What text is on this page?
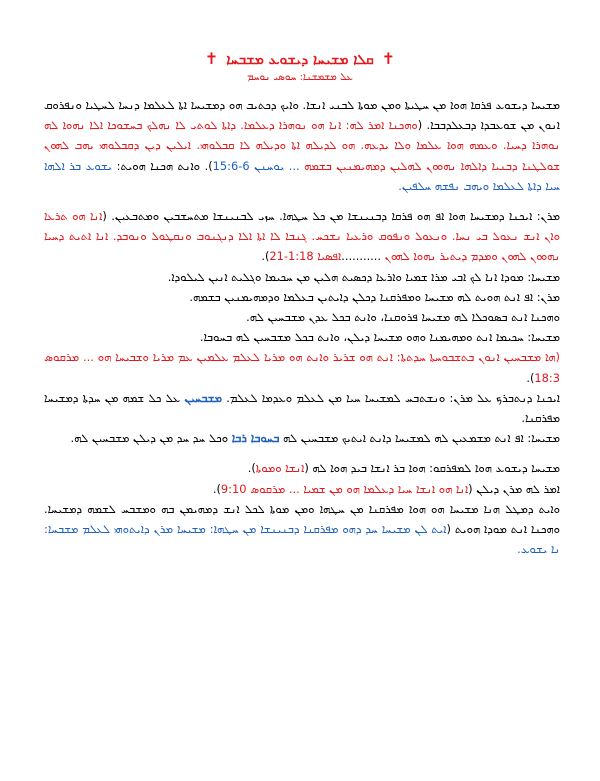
✝ ܩܠܐ ܡܫܝܚܐ ܕܝܫܘܥ ܡܫܒܚܐ ✝
ܥܠ ܡܫܡܫܢܐ: ܚܘܣܝ ܢܘܚܡ

ܡܫܝܚܐ ܕܝܫܘܥ ܦܪܩܐ ܗܘܐ ܡܢ ܚܛܝܬܐ ܘܡܢ ܡܘܬܐ ܠܒܢܝ ܐܢܫܐ. ܘܐܝܟ ܕܟܬܝܒ ܗܘ ܕܡܫܝܚܐ ܐܬܐ ܠܥܠܡܐ ܕܢܚܐ ܠܚܛܝܐ ܘܢܦܪܘܩ ܐܢܘܢ ܡܢ ܫܘܥܒܕܐ ܕܒܥܠܕܒܒܐ. (ܘܗܟܢܐ ܐܡܪ ܠܗ: ܐܢܐ ܗܘ ܢܘܗܪܐ ܕܥܠܡܐ. ܕܐܬܐ ܠܘܬܝ ܠܐ ܢܗܠܟ ܒܚܫܘܟܐ ܐܠܐ ܢܗܘܐ ܠܗ ܢܘܗܪܐ ܕܚܝܐ. ܘܥܡܗ ܗܘܐ ܥܠܡܐ ܘܠܐ ܝܕܥܗ. ܗܘ ܠܕܝܠܗ ܐܬܐ ܘܕܝܠܗ ܠܐ ܩܒܠܘܗܝ. ܐܝܠܝܢ ܕܝܢ ܕܩܒܠܘܗܝ ܝܗܒ ܠܗܘܢ ܫܘܠܛܢܐ ܕܒܢܝܐ ܕܐܠܗܐ ܢܗܘܘܢ ܠܗܠܝܢ ܕܡܗܝܡܢܝܢ ܒܫܡܗ ... ܝܘܚܢܢ 6-15:6). ܘܐܢܬ ܗܟܢܐ ܗܘܝܬ: ܝܫܘܥ ܒܪ ܐܠܗܐ ܚܝܐ ܕܐܬܐ ܠܥܠܡܐ ܘܝܗܒ ܢܦܫܗ ܚܠܦܝܢ.

ܡܪܢ: ܐܝܟܢܐ ܕܡܫܝܚܐ ܗܘܐ ܐܦ ܗܘ ܦܪܩܐ ܕܒܢܝܢܫܐ ܡܢ ܟܠ ܚܛܗܐ. ܚܙܝ ܠܒܢܝܢܫܐ ܡܬܚܫܒܝܢ ܘܡܬܒܥܝܢ. (ܐܢܐ ܗܘ ܬܪܥܐ ܘܐܢ ܐܢܫ ܢܥܘܠ ܒܝ ܢܚܐ. ܘܢܥܘܠ ܘܢܦܘܩ ܘܪܥܝܐ ܢܫܟܚ. ܓܢܒܐ ܠܐ ܐܬܐ ܐܠܐ ܕܢܓܢܘܒ ܘܢܩܛܘܠ ܘܢܘܒܕ. ܐܢܐ ܐܬܝܬ ܕܚܝܐ ܢܗܘܘܢ ܠܗܘܢ ܘܡܕܡ ܕܝܬܝܪ ܢܗܘܐ ܠܗܘܢ ...........ܐܦܣܝܐ 1:18-21).

ܡܫܝܚܐ: ܡܘܕܐ ܐܢܐ ܠܟ ܐܒܝ ܡܪܐ ܫܡܝܐ ܘܐܪܥܐ ܕܟܣܝܬ ܗܠܝܢ ܡܢ ܚܟܝܡܐ ܘܓܠܝܬ ܐܢܝܢ ܠܝܠܘܕܐ.

ܡܪܢ: ܐܦ ܐܢܬ ܗܘܝܬ ܠܗ ܡܫܝܚܐ ܘܡܦܪܩܢܐ ܕܟܠܢ ܕܐܝܬܝܢ ܒܥܠܡܐ ܘܕܡܗܝܡܢܝܢ ܒܫܡܗ.

ܘܗܟܢܐ ܐܢܬ ܒܣܘܟܠܐ ܠܗ ܡܫܝܚܐ ܦܪܘܩܢܐ، ܘܐܢܬ ܒܟܠ ܥܕܢ ܡܫܒܚܝܢ ܠܗ.

ܡܫܝܚܐ: ܚܟܝܡܐ ܐܢܬ ܘܡܗܝܡܢܐ ܘܗܘ ܡܫܝܚܐ ܕܝܠܢ، ܘܐܢܬ ܒܟܠ ܡܫܒܚܝܢ ܠܗ ܒܚܘܒܐ.

(ܗܐ ܡܫܒܚܝܢ ܐܢܘܢ ܒܬܫܒܘܚܬܐ ܚܕܬܬܐ: ܐܢܬ ܗܘ ܫܪܝܪ ܘܐܢܬ ܗܘ ܡܪܝܐ ܠܥܠܡ ܥܠܡܝܢ ܥܡ ܡܪܝܐ ܘܫܒܝܚܐ ܗܘ ... ܡܪܩܘܣ 18:3).

ܐܝܟܢܐ ܕܢܬܒܪܟ ܥܠ ܡܪܢ: ܘܢܫܬܒܚ ܠܡܫܝܚܐ ܚܝܐ ܡܢ ܠܥܠܡ ܘܥܕܡܐ ܠܥܠܡ. ܡܫܒܚܝܢ ܥܠ ܟܠ ܫܡܗ ܡܢ ܚܕܬܐ ܕܡܫܝܚܐ ܡܦܪܩܢܐ.

ܡܫܝܚܐ: ܐܦ ܐܢܬ ܡܫܡܥܝܢ ܠܗ ܠܡܫܝܚܐ ܕܐܢܬ ܐܝܬܝܟ ܡܫܒܚܝܢ ܠܗ ܒܚܘܒܐ ܪܒܐ ܘܟܠ ܚܕ ܚܕ ܡܢ ܕܝܠܢ ܡܫܒܚܝܢ ܠܗ.

ܡܫܝܚܐ ܕܝܫܘܥ ܗܘܐ ܠܡܦܪܩܘ: ܗܘܐ ܒܪ ܐܢܫܐ ܒܝܕ ܗܘܐ ܠܗ (ܐܢܫܐ ܘܡܘܬܐ).

ܐܡܪ ܠܗ ܡܪܢ ܕܝܠܢ (ܐܢܐ ܗܘ ܐܢܫܐ ܚܝܐ ܕܥܠܡܐ ܗܘ ܡܢ ܫܡܝܐ ... ܡܪܩܘܣ 9:10).

ܘܐܝܬ ܕܡܛܠ ܗܢܐ ܡܫܝܚܐ ܗܘ ܗܘܐ ܡܦܪܩܢܐ ܡܢ ܚܛܗܐ ܘܡܢ ܡܘܬܐ ܠܟܠ ܐܢܫ ܕܡܗܝܡܢ ܒܗ ܘܡܫܒܚ ܠܫܡܗ ܕܡܫܝܚܐ. ܘܗܟܢܐ ܐܢܬ ܡܘܕܐ ܗܘܝܬ (ܐܝܬ ܠܢ ܡܫܝܚܐ ܚܕ ܕܗܘ ܡܦܪܩܢܐ ܕܒܢܝܢܫܐ ܡܢ ܚܛܗܐ: ܡܫܝܚܐ ܡܪܢ ܕܐܝܬܘܗܝ ܠܥܠܡ ܡܫܒܚܐ: ܢܐ ܝܫܘܥ.
